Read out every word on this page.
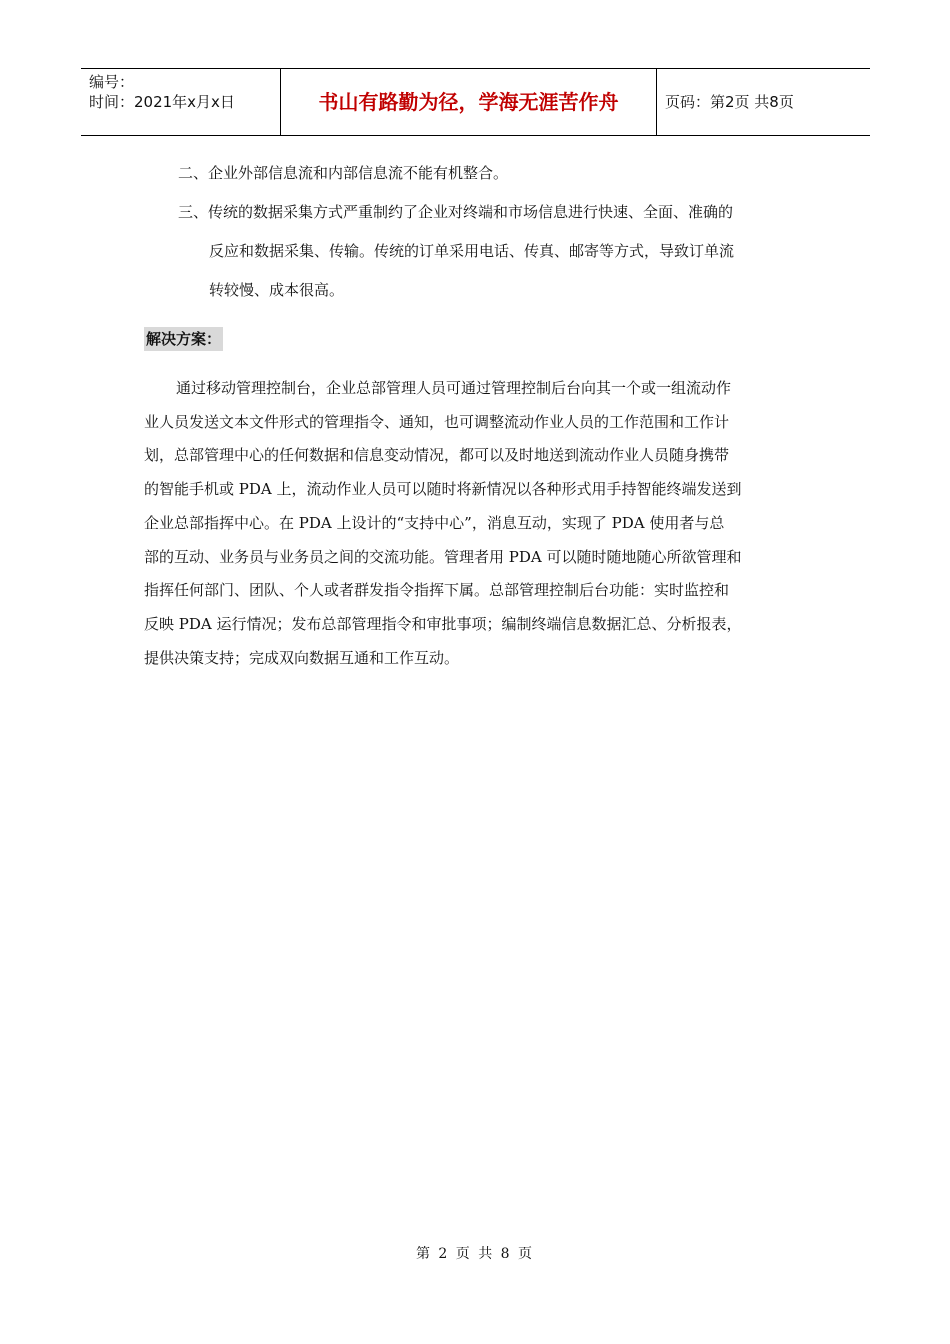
编号：
时间：2021年x月x日	书山有路勤为径，学海无涯苦作舟	页码：第2页 共8页
二、企业外部信息流和内部信息流不能有机整合。
三、传统的数据采集方式严重制约了企业对终端和市场信息进行快速、全面、准确的
反应和数据采集、传输。传统的订单采用电话、传真、邮寄等方式，导致订单流
转较慢、成本很高。
解决方案：
通过移动管理控制台，企业总部管理人员可通过管理控制后台向其一个或一组流动作
业人员发送文本文件形式的管理指令、通知，也可调整流动作业人员的工作范围和工作计
划，总部管理中心的任何数据和信息变动情况，都可以及时地送到流动作业人员随身携带
的智能手机或 PDA 上，流动作业人员可以随时将新情况以各种形式用手持智能终端发送到
企业总部指挥中心。在 PDA 上设计的“支持中心”，消息互动，实现了 PDA 使用者与总
部的互动、业务员与业务员之间的交流功能。管理者用 PDA 可以随时随地随心所欲管理和
指挥任何部门、团队、个人或者群发指令指挥下属。总部管理控制后台功能：实时监控和
反映 PDA 运行情况；发布总部管理指令和审批事项；编制终端信息数据汇总、分析报表，
提供决策支持；完成双向数据互通和工作互动。
第 2 页 共 8 页
